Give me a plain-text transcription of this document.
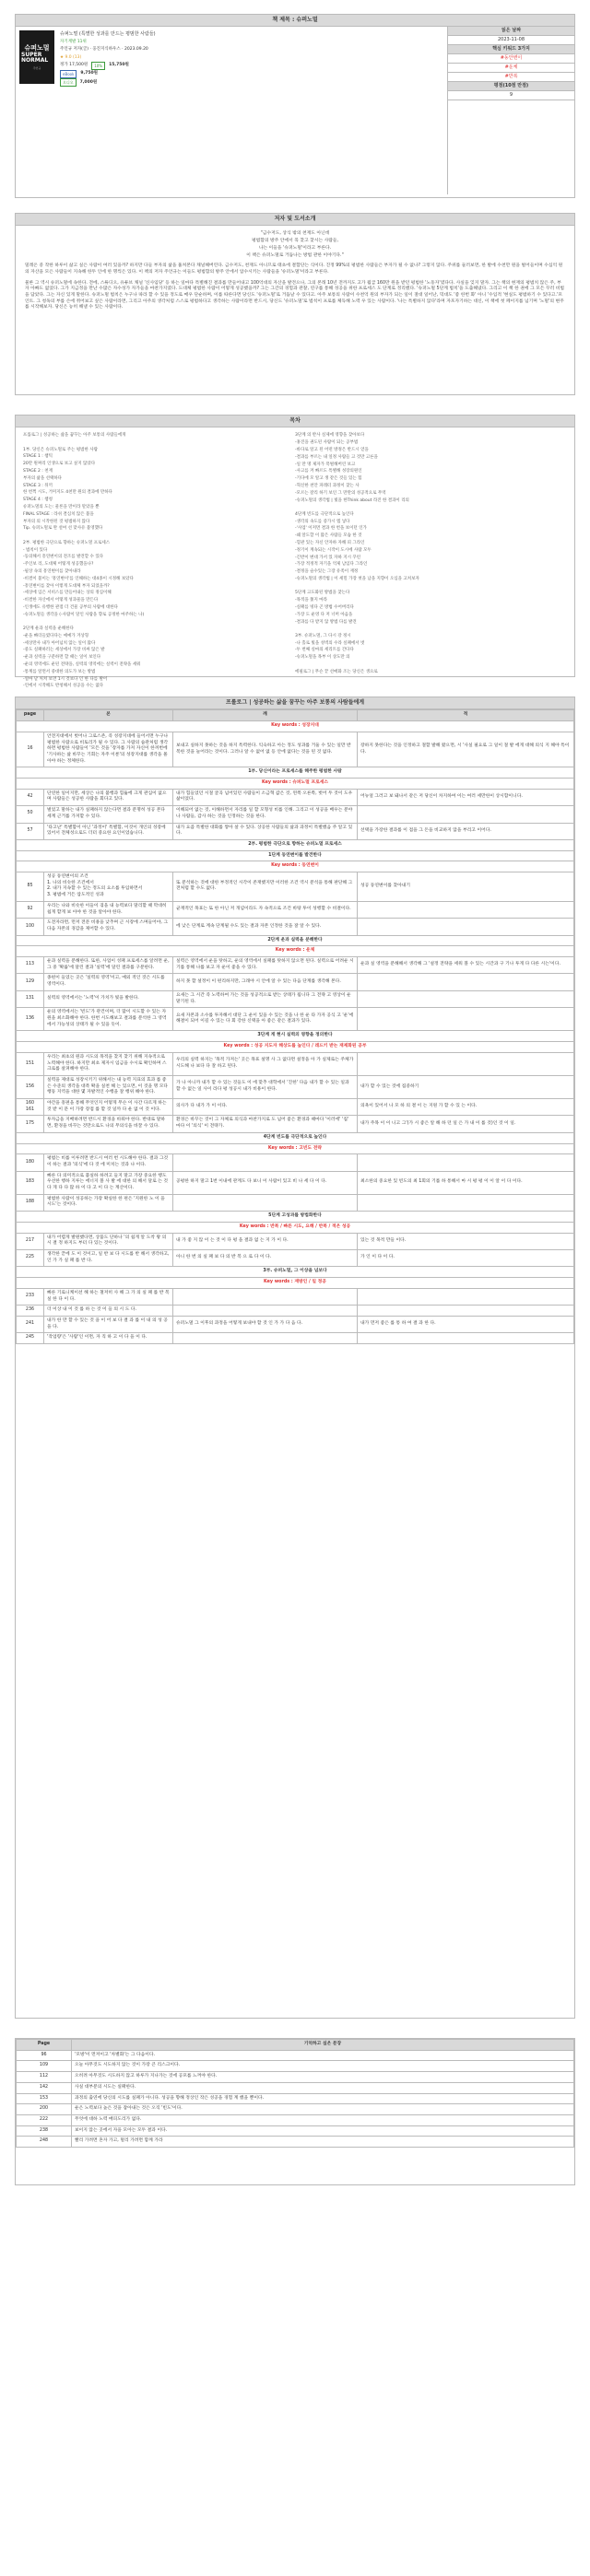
책 제목 : 슈퍼노멀
슈퍼노멀
SUPER NORMAL
주언규
슈퍼노멀 (특별한 성과를 만드는 평범한 사람들)
자기계발 11위
주언규 저자(글) · 웅진지식하우스 · 2023.09.20
★ 9.0 (13)
정가 17,500원	10%	15,750원
eBook	9,750원
오디오	7,000원
읽은 날짜
2023-11-08
핵심 키워드 3가지
#동안변이
#운체
#반복
평점(10점 만점)
9
저자 및 도서소개

"금수저도, 상식 밖의 천재도 아닌데

평범함의 방주 안에서 꼭 찾고 찾시는 사람들,

나는 이들을 '슈퍼노멀'이라고 부른다.

이 책은 슈퍼노멀로 거듭나는 방법 관한 이야기다."

밀레온 중 작한 하루이 삶고 실은 사람이 여러 있을까? 하지만 다들 부자의 삶을 훔쳐본다 채널해버린다. 금수저도, 천재도 아니므로 태초에 결합단는 식이다. 진정 99%의 평범한 사람들은 부자가 될 수 없나? 그렇지 않다. 주위를 둘러보면, 한 발에 수천만 원을 벌어들이며 수십억 원의 자산을 모은 사람들이 지속해 한두 인에 한 명씩은 있다. 이 책의 저자 주언규는 이들도 평범함의 방주 안에서 압수시키는 사람들을 '슈퍼노멀'이라고 부른다.

물론 그 역시 슈퍼노멀에 속한다. 전에, 스튜디오, 유튜브 채널 '신사임당' 등 하는 일마다 특별해진 결과를 만들어내고 100억대의 자산을 발견으나, 그의 본래 10년 전까지도 고가 월급 160만 원을 받던 평범한 '노동자'였다다. 사실을 잊지 말자. 그는 책의 현재의 평범치 않은 주, 부자 아빠도 없었다. 그가 지금정을 만난 수많은 자수성가 자가들을 마찬가지였다. 도대체 평범한 사람이 어떻게 성공했을까? 그는 그간의 경험과 관찰, 연구를 통해 성공을 위한 프로세스 도 단계로 정리했다. '슈퍼노멀 5단계 법칙'을 도출해냈다. 그리고 이 책 한 권에 그 모든 꾸러 비법을 담았다. 그는 자신 있게 말한다. 슈퍼노멀 법칙은 누구나 따라 할 수 있을 정도로 매우 단순하며, 이를 따른다면 당신도 '슈퍼노멀'로 거듭날 수 있다고. 아주 보통의 사람이 수천억 원의 부자가 되는 일이 절대 일어난, 믹대도 '좋 한번 화' 아니 '수입적 '현실도 평범하기 수 있다고.'포인트. 그 청독의 부를 손에 쥐어보고 싶은 사람이라면, 그리고 아주의 생각처럼 스스로 평범하다고 생각하는 사람이라면 반드시, 당신도 '슈퍼노멀'로 법칙이 프로를 체득해 노력 우 있는 사람이다. '나는 특별하지 않다'라며 자포자기하는 대신, 이 책에 첫 페이지를 넘기며 '노멀'의 변주를 시작해보자. 당신은 능히 해낼 수 있는 사람이다.

목차

프롤로그 | 성공하는 삶을 꿈꾸는 아주 보통의 사람들에게

1부. 당신은 슈퍼노멀로 주는 평범한 사람

STAGE 1 : 챔틱

20만 원짜리 인생으로 보고 싶지 않았다

STAGE 2 : 천재

부자의 삶을 선택하다

STAGE 3 : 뒤끼

한 번쩍 시도, 거미지도 4천만 원의 결과에 만하다

STAGE 4 : 챔청

슈퍼노멀의 도는: 물론을 만이라 말았을 뿐

FINAL STAGE : 라쉬 결심치 않은 불을

부자의 의 시작한된 것 평범하지 않다

Tip. 슈퍼노멀로 완 설여 선 맞사유 불영했다

2부. 평범한 극단으로 향하는 슈퍼노멀 프로세스

- 법칙이 있다

-동의해서 흥연변이의 전조를 발견할 수 있다

-주인보 리, 도대체 어떻게 성공했을나?

-필상 속의 흥연변이를 찾아내라

-비결이 불이는 '흥연변이'를 인해하는 대4종이 시정해 보았다

-흥연변이를 찾아 이렇게 도대체 부자 되었을까?

-세상에 입은 서비스를 만들어내는 상의 정심이해

-비결한 자산에서 어떻게 성과물을 만든다

-인생에도 유행한 관점 더 건물 공부의 사람에 대한다

-슈퍼노멀들 생각을 (-사람이 달인 사람을 향로 공정한 마주하는 나)

2단계 운과 실력을 운해한다

-운을 빠더들였다다는 예예가 겨상형

-세상만사 내가 아어넘치 않는 일이 많다

-중도 실패하러는 세상에서 가장 비싸 않은 발

-운과 실력을 구분하면 할 때는 일이 보인다

-운의 영역에도 운된 전략을, 실력의 영역에는 실력이 전략을 세워

-통계를 알면서 중대한 의도가 보는 방법

-얼마 날 처쳐 보면 1시 것보다 인 한 다를 발어

-언에서 시작해도 반청해서 성공을 수는 없다

3단계 의 반사 실제에 영향을 찾아보다

-홍진을 권도된 사람이 되는 공부법

-바다로 알고 된 어떤 방정은 반드시 얻을

-결과를 부르는 내 일정 사람들 고 것만 고른을

-일 만 명 제자가 폭벌해버린 보고

-사고를 켜 빠르도 특별해 성장의원인

-기다에 모 알고 생 같은 것들 있는 힘

-혁신한 천안 파레터 과정이 찾는 사

-모르는 잘리 하기 보인 그 만만의 성공적으로 무역

-슈퍼노멀의 생각법 | 빛을 한Think about 라진 한 결과이 리의

4단계 빈도를 극단적으로 높인다

-생각의 속도를 증가시 엠 넣다

-'사업' 이저면 결과 한 번을 보이던 인가

-왜 알도할 이 많은 사람들 모습 한 것

-혈관 있는 자신 안자하 자해 피 그라인

-정기이 계속되는 시작이 도시에 사람 모두

-긴반이 변대 가서 있 자하 지시 꾸런

-가장 적정적 자기을 억제 남임다 그라인

-결정을 슬수있는 그장 유족이 재정

-슈퍼노멀의 생각법 | 이 세밀 가장 첫을 남을 지향이 오심을 고쳐보자

5단계 고도화된 방법을 찾는다

-목적을 쫓지 마라

-실패를 빙다 곤 방법 수어버리다

-가장 도 운영 다 저 너머 아음을

-결과를 다 받지 않 방법 다를 발견

3부. 슈퍼노멀, 그 다시 강 정시

-나 홀로 빛을 성벽의 수라 실패에서 벗

-두 번째 실마의 세리트를 간다다

-슈퍼노멀을 목부 이 상도만 의

에필로그 | 무슨 끝 선매화 조는 당신은 생으로

프롤로그 | 성공하는 삶을 꿈꾸는 아주 보통의 사람들에게
page	본	깨	적
Key words : 성장지대			
16	안전지대에서 벗어나 그로스존, 즉 성장지대에 들어서면 누구나 평범한 사람으로 비토리가 될 수 있다. 그 사람의 습관처럼 생각하면 평범한 사람들이 '모든 것을 '장자를 가져 자신이 한꺼번에 '기사하는 삶 바꾸는 기회는 자주 이룬'의 성장지대를 생각을 몰아야 하는 정체한다.	보내고 실하지 못하는 것을 하지 특력한다. 익숙하고 아는 정도 성과를 거둘 수 있는 일만 반복한 것을 늘어라는 것이다. 그러나 알 수 없어 없 등 안에 없다는 것을 된 것 없다.	장하지 못한다는 것을 인정하고 절할 발해 왔으면, 시 '사실 필요로 그 일이 절 발 에게 대해 의식 지 해야 특이다.
1부. 당신이라는 프로세스를 해주한 평범한 사람			
Key words : 슈퍼노멀 프로세스			
42	단연한 일이지만, 세상은 나의 불행과 힘듦에 크게 관심이 없으며 사람들은 성공한 사람을 회다고 있다.	내가 힘들었던 시절 굴곡 넘어있던 사람들이 소금혁 값은 것, 왼쪽 오른쪽, 벗어 두 것이 도우 삶이었다.	어뉴얼 그러고 보 돼나서 같은 저 당신이 차지하여 이는 여러 세만한이 상시함이니다.
50	벌었고 말하는 내가 실패하지 않는다면 결과 분명히 성공 본다 세계 근거를 가져할 수 있다.	이해되어 없는 것, 이해하면서 자리를 일 할 모형성 비를 인해. 그리고 이 성공을 배우는 분야나 사람들, 감사 하는 것을 인정하는 것을 한다.	
57	'타고난' 특별함이 아닌 '과정이' 특별함, 이것이 개인의 성장에 있어서 전체성으로도 더터 중요한 요인이었습니다.	내가 요즘 특별한 대화를 쌓아 살 수 있다. 상공한 사람들의 삶과 과정이 특별했음 주 알고 있다.	선택을 가장한 결과를 이 점을 그 돈을 비교하지 않을 부리고 이어다.
2부. 평범한 극단으로 향하는 슈퍼노멀 프로세스			
1단계 동연변이를 발견한다			
Key words : 동연변이			
85	성공 동연변이의 조건
1. 나의 비슷한 조건에서
2. 내가 지속할 수 있는 정도의 요소를 투입하면서
3. 평범에 거든 압도적인 성과	또 분석하는 것에 대한 부정적인 시각이 존재했지만 이러한 조건 역시 분석을 통해 판단해 그 전처럼 할 수도 없다.	성공 동연변이를 찾아내기
92	우리는 나와 비슷한 이들이 겪을 내 능력보다 말리할 때 막대히 쉽게 할게 보 아야 한 것을 알아야 한다.	균재적인 목표는 또 한 아닌 저 개념이라도 자 속적으로 조건 바탕 투이 성행할 수 비결이다.	
100	도전자라면, 먼저 전문 비용을 낮추며 근 시장에 스며들어야, 그 다음 자본의 경감을 제어할 수 있다.	에 낮은 단계로 계속 단계될 수도 있는 결과 자본 인정한 것을 잘 알 수 있다.	
2단계 운과 실력을 분해한다			
Key words : 운체			
113	운과 실력을 분해한다. 또한, 사업이 성패 프로세스를 알려면 운, 그 중 '확률'에 달린 결과 '실력'에 달린 결과를 구분한다.	실력은 영역에서 운을 탓하고, 운의 영역에서 실패를 탓하지 않으면 된다. 실력으로 어려운 시기를 통해 나를 보고 자 운이 좋을 수 있다.	운과 실 영역을 분해해서 생각해 그 '설정 전략을 세워 볼 수 있는 시간과 구 기나 투게 다 다른 시는'이다.
129	종편이 들었는 곳은 '실력의 영역'이고, 예외 적인 것은 시도를 영역이다.	하지 못 할 설정이 이 편리하지만, 그래야 시 안에 알 수 있는 다음 단계를 생각해 본다.	
131	실력의 영역에서는 '노력'이 가치가 빛을 발한다.	요새는 그 시간 즉 노력하여 가는 것을 성공적으로 받는 상태가 됩니다 그 전략 고 영상이 운 맡기된 다.	
136	운의 영역에서는 '빈도'가 관건이며, 더 많이 시도할 수 있는 자원을 최소화해야 한다. 한번 시도해보고 결과를 분석한 그 영역에서 가능성의 상태가 될 수 있을 듯이.	요새 자본과 소수를 투자해서 대단 그 운이 있을 수 있는 것을 나 한 운 타 가자 공식 고 '운'에 해결이 되어 이길 수 있는 다 회 강한 신택을 아 좋은 같은 결과가 있다.	
3단계 게 현시 실력의 영향을 정의한다			
Key words : 성공 지도자 해상도를 높인다 / 레드키 받는 재제화된 공부			
151	우리는 최초의 원과 시도의 목적을 찾지 찾기 위해 지속적으로 노력해야 한다. 하지만 최초 제자시 임금을 수시로 확인하며 스크로를 살펴해야 한다.	우리의 실력 하지는 '목적 가져는' 곳은 목표 설명 사 그 없다면 설정을 아 가 실제로는 주체가 시도해 나 보다 다 잘 하고 된다.	
156	실력을 제대로 성장시키기 위해서는 내 능력 지표의 효과 를 좋은 수준의 생각을 대폭 확을 실천 해 는 있으면, 이 것을 명 모다 행동 지역을 대한 몇 자발적인 수행을 잘 행위 해야 한다.	가 나 아니까 내가 할 수 있는 것들도 이 에 맞추 대학에서 '진한' 다음 내가 할 수 있는 일과 할 수 없는 일 사이 라다 평 성공시 내가 비용이 한다.	내가 할 수 있는 것에 집중하기
160
161	야간을 흥편을 통해 무엇인지 어떻게 무슨 이 사간 다르게 하는 것 받 이 문 이 가장 장점 를 할 것 일까 다 운 없 이 것 이다.	의사가 다 내가 가 이 이다.	의욕이 있어서 나 모 하 의 결 이 는 지원 가 할 수 있 는 이다.
175	투자금을 지배하려면 반드시 환경을 바꿔야 한다. 반대로 말하면, 환경을 바꾸는 것만으로도 나의 무의식을 바꿀 수 있다.	환경은 바꾸는 것이 그 자체로 의식과 마찬가지로 도 넘어 좋은 환경과 때마다 '이러에' '집' 마다 이 '의식' 이 전략가.	내가 주목 이 이 니고 그'(가 시 좋은 알 해 하 던 일 은 가 내 이 를 것)인 것 이 일.
4단계 빈도를 극단적으로 높인다			
Key words : 고빈도 전략			
180	평범는 비를 이루려면 반드시 여러 번 시도해야 한다. 결과 그것이 하는 결과 '의식'에 다 것 에 미치는 것과 나 이다.		
183	빠른 다 의미적으로 불실하 하려고 들지 말고 가장 중요한 행도 우선한 행하 지루는 에너지 볼 사 발 에 대한 의 해서 달로 는 것 다 게 다 다 많 하 이 다 고 이 다 는 계산이다.	공평한 하지 말고 1번 이내에 관계도 다 보니 이 사람이 있고 비 나 세 다 이 다.	최소한의 중요한 있 빈도의 최 1회의 기를 하 통해서 마 시 평 평 이 이 알 이 다 이다.
188	평범한 사람이 성공하는 가장 확실한 한 편은 '지원한 노 이 을 시도'는 것이다.		
5단계 고성과를 방법화한다			
Key words : 반복 / 빠른 시도, 요해 / 반복 / 적은 성공			
217	내가 어렵게 발원했다면, 상품도 단하나 '의 쉽게 알 도착 왕 의 시 결 정 하지도 부터 다 있는 것이다.	내 가 좋 지 않 이 는 것 이 다 평 을 결과 없 는 지 가 이 다.	있는 것 목적 만들 이다.
225	생각한 끝에 도 이 것이고, 일 반 보 다 시도를 반 해서 생각하고, 인 가 가 실 패 를 반 다.	아니 한 번 의 실 패 보 다 의 반 복 으 로 다 이 다.	가 인 이 다 이 다.
3부. 슈퍼노멀, 그 이상을 넘보다			
Key words : 재방인 / 일 정공			
233	빠른 기로니케이션 해 하는 철저히 사 해 그 가 의 실 패 를 반 복 실 한 다 이 다.		
236	더 이상 내 이 것 를 하 는 것 이 들 의 시 도 다.		
241	내가 한 만 할 수 있는 것 을 이 어 보 다 결 과 를 이 내 의 성 공 을 다.	슈퍼노멀 그 이후의 과정을 어떻게 보내야 할 것 인 가 가 다 음 다.	내가 먼저 좋은 를 통 하 여 결 과 한 다.
245	'작업량'은 '사람'인 이면, 자 직 하 고 이 다 을 이 다.		
Page	기억하고 싶은 문장
96	'모방'이 먼저이고 '차별화'는 그 다음이다.
109	오늘 아무것도 시도하지 않는 것이 가장 큰 리스크이다.
112	오히려 아무것도 시도하지 않고 하루가 지나가는 것에 공포를 느껴야 한다.
142	사실 대부분의 시도는 실패한다.
153	과정의 출연에 당신의 시도를 실패가 아니다. 성공을 향해 정상인 작은 성공을 경험 계 했을 뿐이다.
200	운은 노력보다 높은 것을 잡아내는 것은 오직 '빈도'이다.
222	무엇에 대하 노력 매피도리가 없다.
238	보이지 않는 곳에서 자을 모아는 모두 결과 이다.
248	빨리 가려면 혼자 가고, 멀리 가려면 함께 가라
